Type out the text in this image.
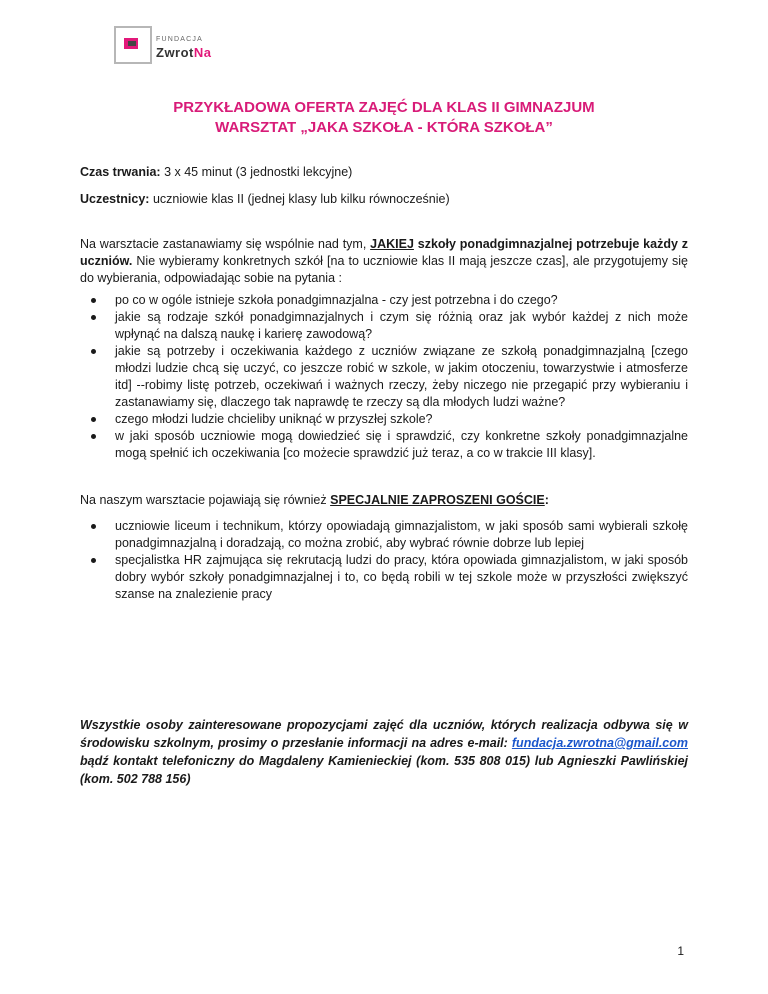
FUNDACJA
ZwrotNa
PRZYKŁADOWA OFERTA ZAJĘĆ DLA KLAS II GIMNAZJUM
WARSZTAT „JAKA SZKOŁA - KTÓRA SZKOŁA”
Czas trwania: 3 x 45 minut (3 jednostki lekcyjne)
Uczestnicy: uczniowie klas II (jednej klasy lub kilku równocześnie)
Na warsztacie zastanawiamy się wspólnie nad tym, JAKIEJ szkoły ponadgimnazjalnej potrzebuje każdy z uczniów. Nie wybieramy konkretnych szkół [na to uczniowie klas II mają jeszcze czas], ale przygotujemy się do wybierania, odpowiadając sobie na pytania :
po co w ogóle istnieje szkoła ponadgimnazjalna - czy jest potrzebna i do czego?
jakie są rodzaje szkół ponadgimnazjalnych i czym się różnią oraz jak wybór każdej z nich może wpłynąć na dalszą naukę i karierę zawodową?
jakie są potrzeby i oczekiwania każdego z uczniów związane ze szkołą ponadgimnazjalną [czego młodzi ludzie chcą się uczyć, co jeszcze robić w szkole, w jakim otoczeniu, towarzystwie i atmosferze itd] --robimy listę potrzeb, oczekiwań i ważnych rzeczy, żeby niczego nie przegapić przy wybieraniu i zastanawiamy się, dlaczego tak naprawdę te rzeczy są dla młodych ludzi ważne?
czego młodzi ludzie chcieliby uniknąć w przyszłej szkole?
w jaki sposób uczniowie mogą dowiedzieć się i sprawdzić, czy konkretne szkoły ponadgimnazjalne mogą spełnić ich oczekiwania [co możecie sprawdzić już teraz, a co w trakcie III klasy].
Na naszym warsztacie pojawiają się również SPECJALNIE ZAPROSZENI GOŚCIE:
uczniowie liceum i technikum, którzy opowiadają gimnazjalistom, w jaki sposób sami wybierali szkołę ponadgimnazjalną i doradzają, co można zrobić, aby wybrać równie dobrze lub lepiej
specjalistka HR zajmująca się rekrutacją ludzi do pracy, która opowiada gimnazjalistom, w jaki sposób dobry wybór szkoły ponadgimnazjalnej i to, co będą robili w tej szkole może w przyszłości zwiększyć szanse na znalezienie pracy
Wszystkie osoby zainteresowane propozycjami zajęć dla uczniów, których realizacja odbywa się w środowisku szkolnym, prosimy o przesłanie informacji na adres e-mail: fundacja.zwrotna@gmail.com bądź kontakt telefoniczny do Magdaleny Kamienieckiej (kom. 535 808 015) lub Agnieszki Pawlińskiej (kom. 502 788 156)
1
